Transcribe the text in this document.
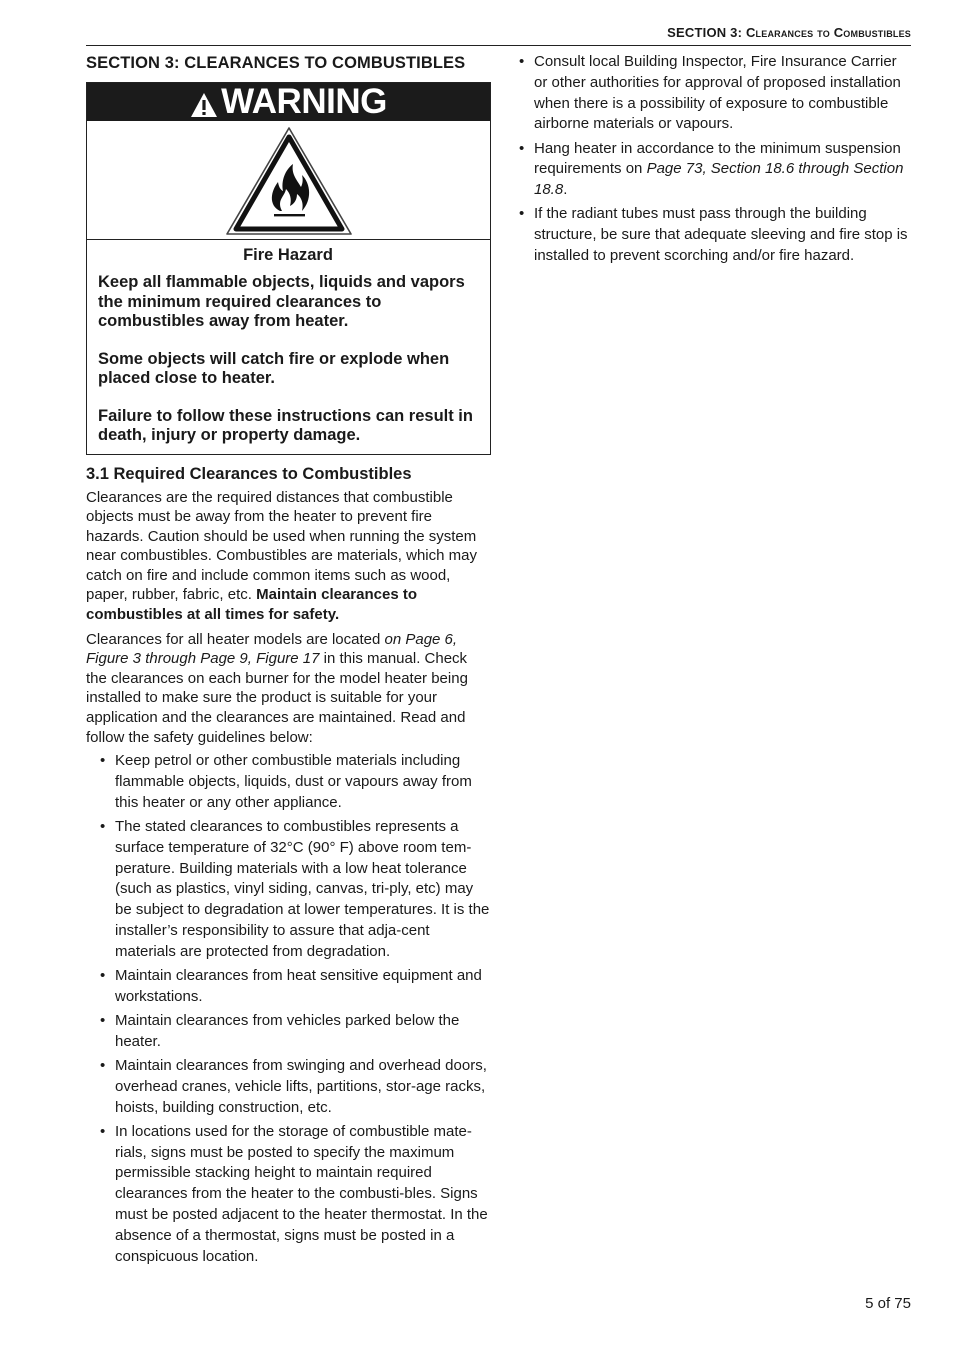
SECTION 3: Clearances to Combustibles
SECTION 3: CLEARANCES TO COMBUSTIBLES
WARNING
Fire Hazard

Keep all flammable objects, liquids and vapors the minimum required clearances to combustibles away from heater.

Some objects will catch fire or explode when placed close to heater.

Failure to follow these instructions can result in death, injury or property damage.

3.1 Required Clearances to Combustibles

Clearances are the required distances that combustible objects must be away from the heater to prevent fire hazards. Caution should be used when running the system near combustibles. Combustibles are materials, which may catch on fire and include common items such as wood, paper, rubber, fabric, etc. Maintain clearances to combustibles at all times for safety.

Clearances for all heater models are located on Page 6, Figure 3 through Page 9, Figure 17 in this manual. Check the clearances on each burner for the model heater being installed to make sure the product is suitable for your application and the clearances are maintained. Read and follow the safety guidelines below:

• Keep petrol or other combustible materials including flammable objects, liquids, dust or vapours away from this heater or any other appliance.
• The stated clearances to combustibles represents a surface temperature of 32°C (90° F) above room tem-perature. Building materials with a low heat tolerance (such as plastics, vinyl siding, canvas, tri-ply, etc) may be subject to degradation at lower temperatures. It is the installer’s responsibility to assure that adja-cent materials are protected from degradation.
• Maintain clearances from heat sensitive equipment and workstations.
• Maintain clearances from vehicles parked below the heater.
• Maintain clearances from swinging and overhead doors, overhead cranes, vehicle lifts, partitions, stor-age racks, hoists, building construction, etc.
• In locations used for the storage of combustible mate-rials, signs must be posted to specify the maximum permissible stacking height to maintain required clearances from the heater to the combusti-bles. Signs must be posted adjacent to the heater thermostat. In the absence of a thermostat, signs must be posted in a conspicuous location.
• Consult local Building Inspector, Fire Insurance Carrier or other authorities for approval of proposed installation when there is a possibility of exposure to combustible airborne materials or vapours.
• Hang heater in accordance to the minimum suspension requirements on Page 73, Section 18.6 through Section 18.8.
• If the radiant tubes must pass through the building structure, be sure that adequate sleeving and fire stop is installed to prevent scorching and/or fire hazard.
5 of 75
